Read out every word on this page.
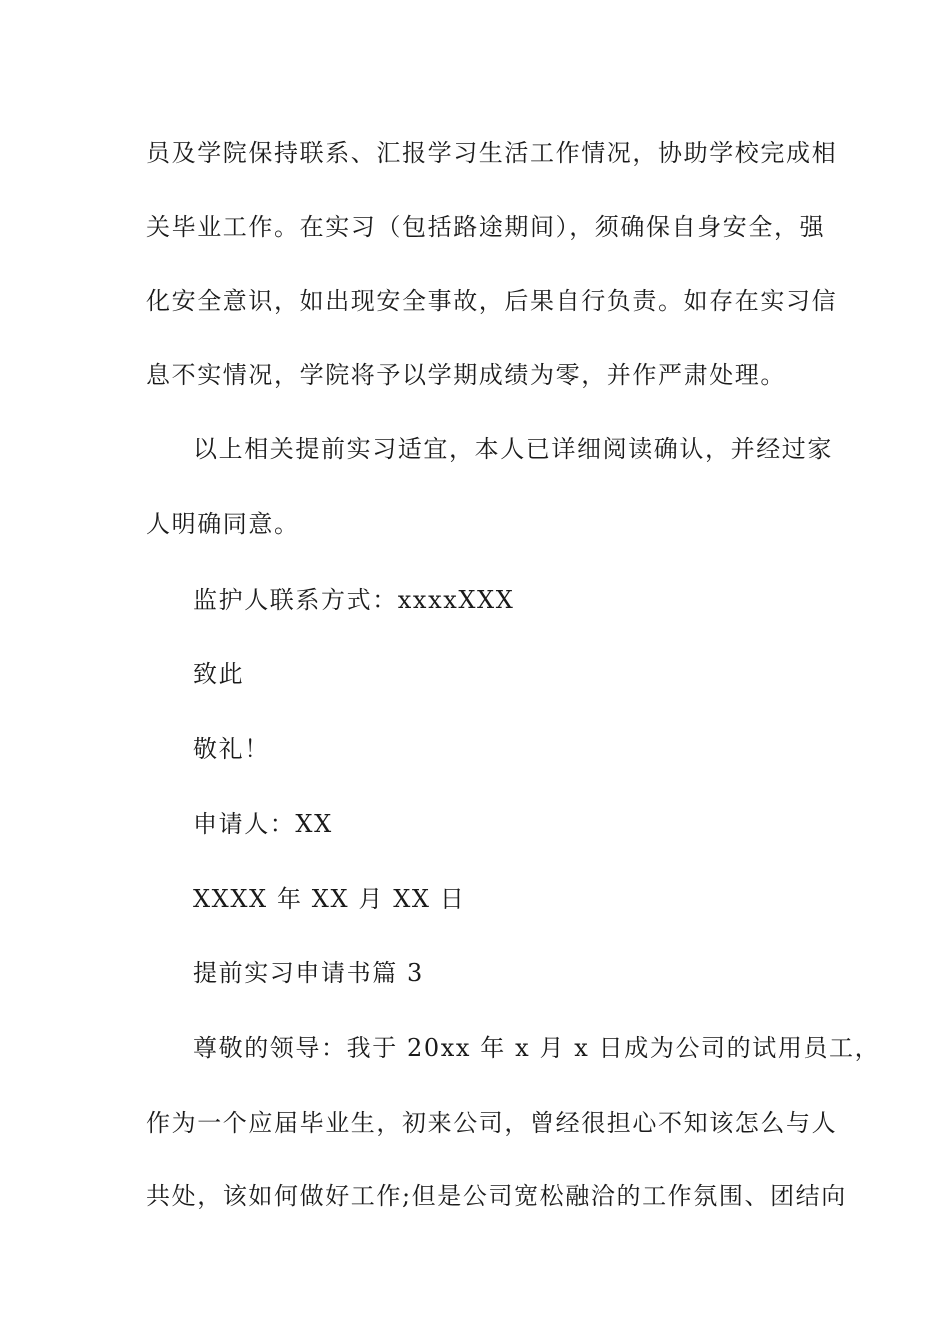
员及学院保持联系、汇报学习生活工作情况，协助学校完成相
关毕业工作。在实习（包括路途期间），须确保自身安全，强
化安全意识，如出现安全事故，后果自行负责。如存在实习信
息不实情况，学院将予以学期成绩为零，并作严肃处理。
以上相关提前实习适宜，本人已详细阅读确认，并经过家
人明确同意。
监护人联系方式：xxxxXXX
致此
敬礼！
申请人：XX
XXXX 年 XX 月 XX 日
提前实习申请书篇 3
尊敬的领导：我于 20xx 年 x 月 x 日成为公司的试用员工，
作为一个应届毕业生，初来公司，曾经很担心不知该怎么与人
共处，该如何做好工作;但是公司宽松融洽的工作氛围、团结向
